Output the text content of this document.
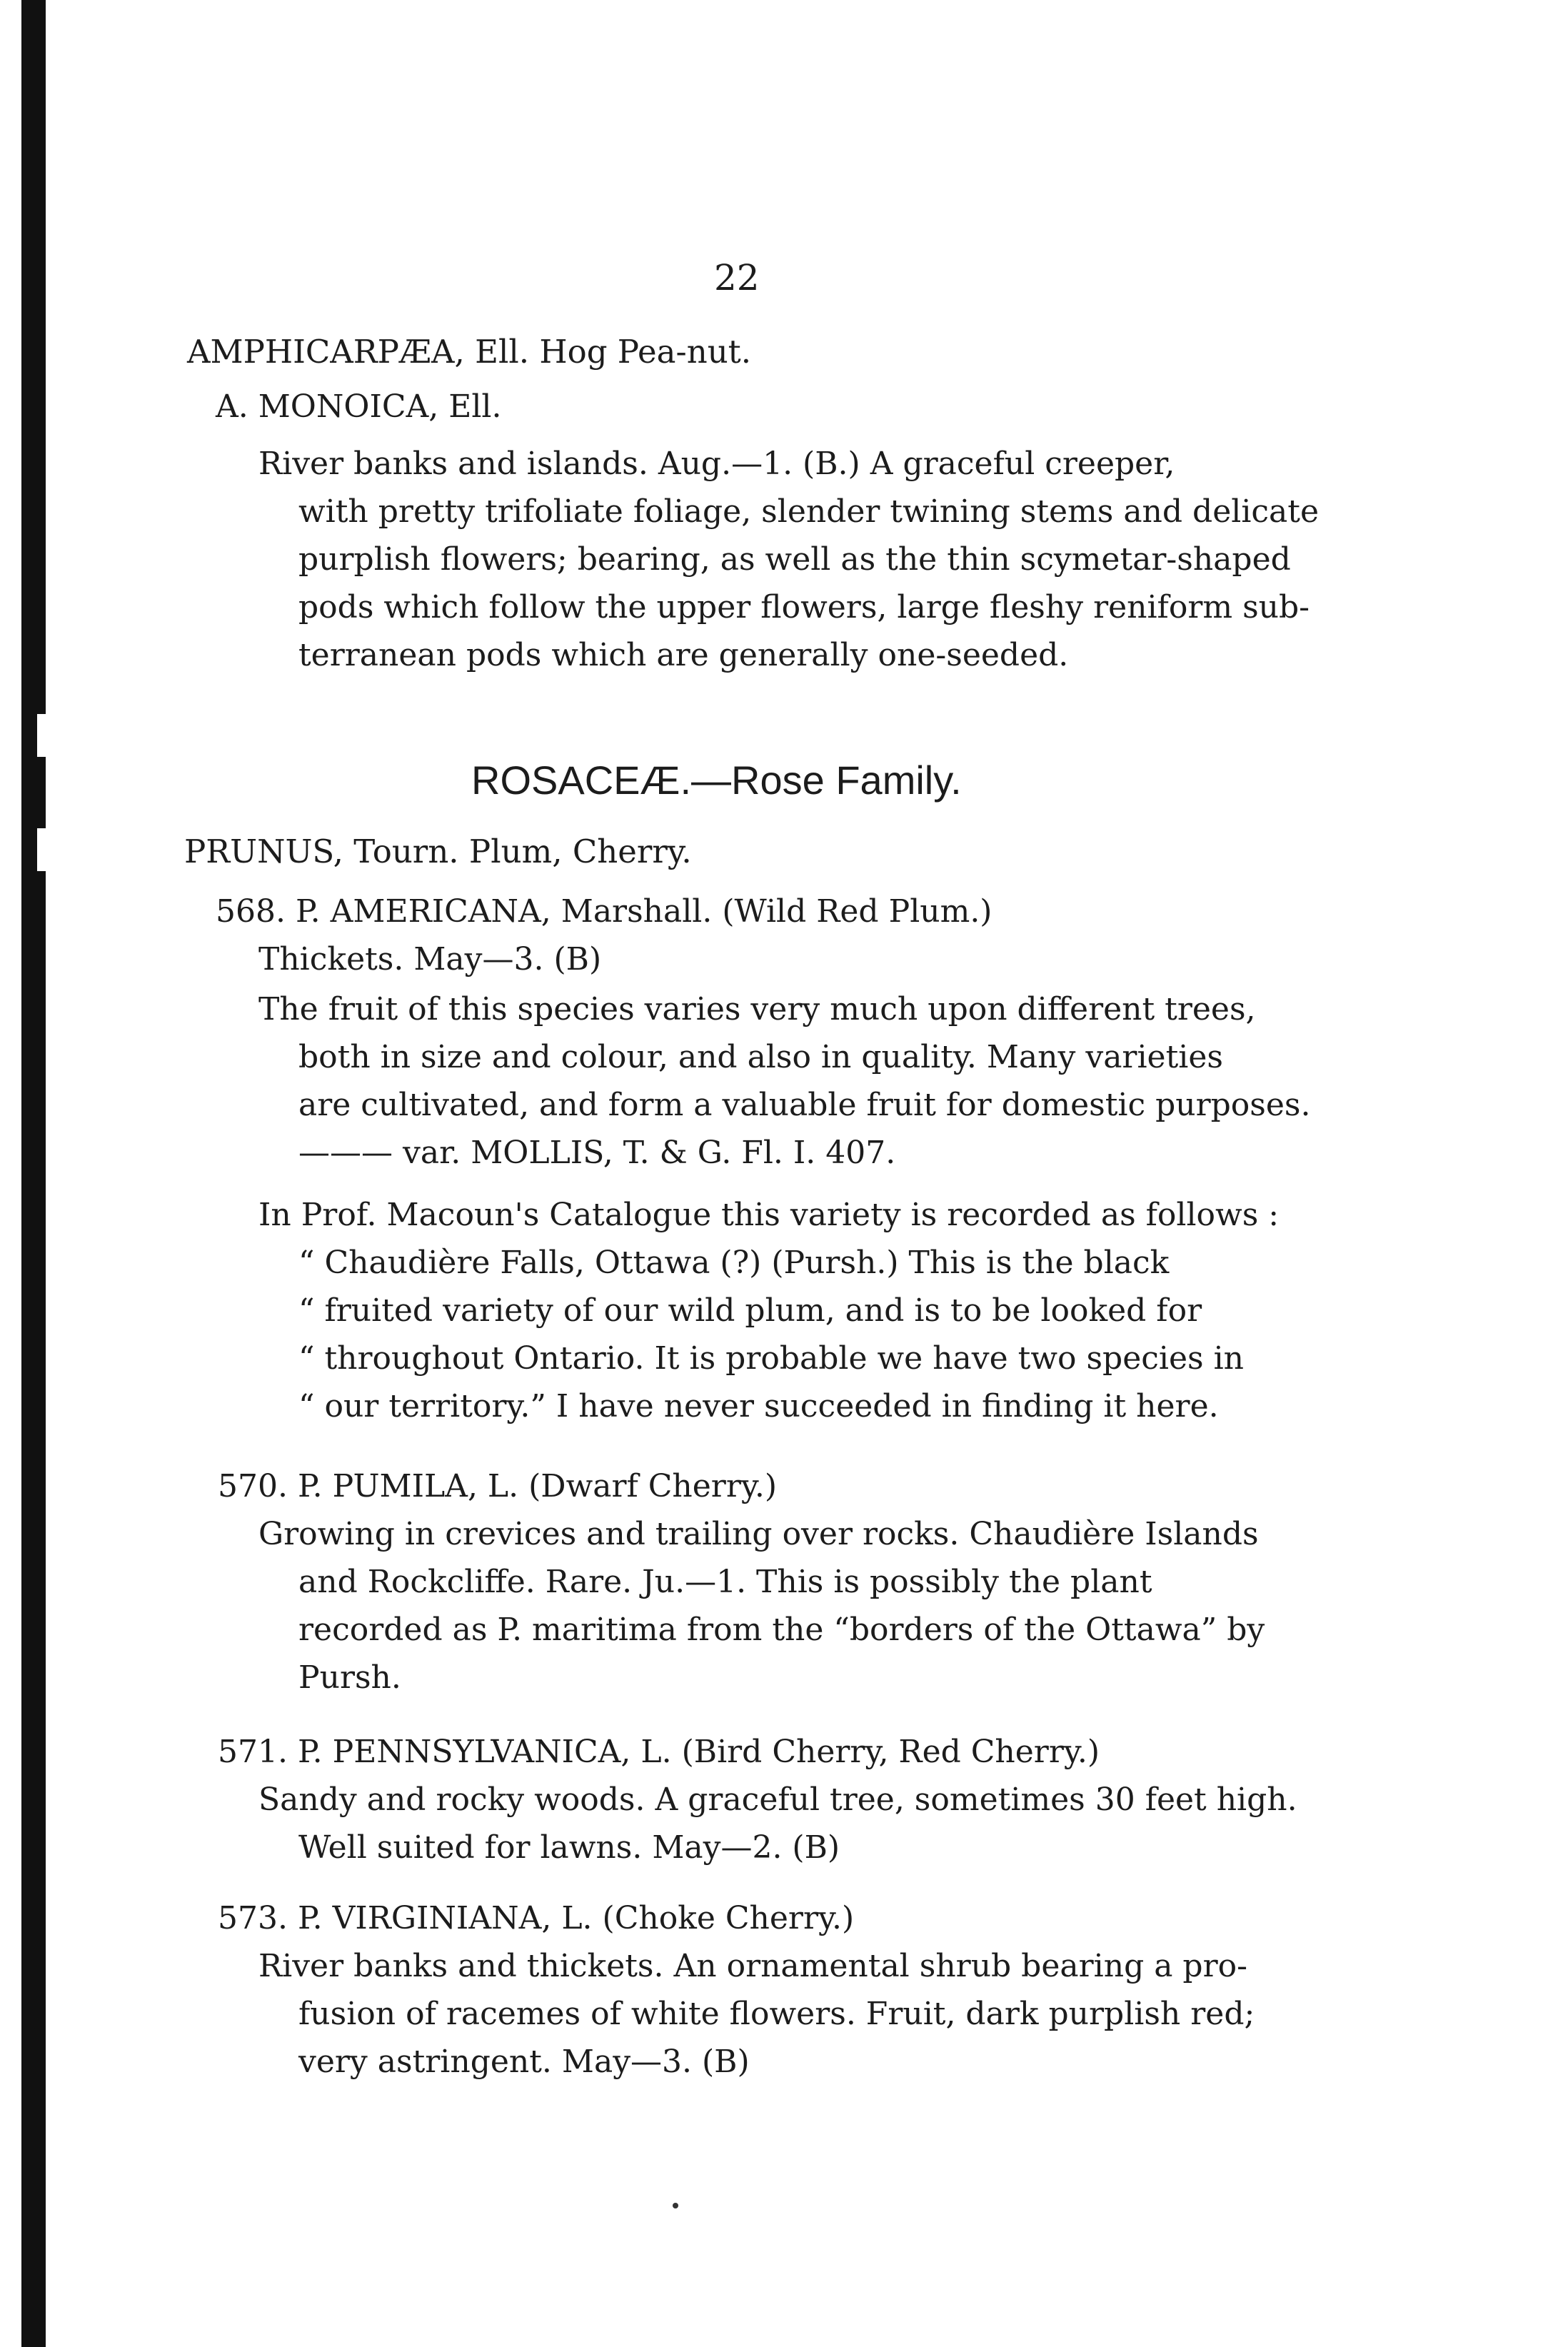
22
AMPHICARPÆA, Ell. Hog Pea-nut.
A. MONOICA, Ell.
River banks and islands. Aug.—1. (B.) A graceful creeper,
with pretty trifoliate foliage, slender twining stems and delicate
purplish flowers; bearing, as well as the thin scymetar-shaped
pods which follow the upper flowers, large fleshy reniform sub-
terranean pods which are generally one-seeded.
ROSACEÆ.—Rose Family.
PRUNUS, Tourn. Plum, Cherry.
568. P. AMERICANA, Marshall. (Wild Red Plum.)
Thickets. May—3. (B)
The fruit of this species varies very much upon different trees,
both in size and colour, and also in quality. Many varieties
are cultivated, and form a valuable fruit for domestic purposes.
——— var. MOLLIS, T. & G. Fl. I. 407.
In Prof. Macoun's Catalogue this variety is recorded as follows :
“ Chaudière Falls, Ottawa (?) (Pursh.) This is the black
“ fruited variety of our wild plum, and is to be looked for
“ throughout Ontario. It is probable we have two species in
“ our territory.” I have never succeeded in finding it here.
570. P. PUMILA, L. (Dwarf Cherry.)
Growing in crevices and trailing over rocks. Chaudière Islands
and Rockcliffe. Rare. Ju.—1. This is possibly the plant
recorded as P. maritima from the “borders of the Ottawa” by
Pursh.
571. P. PENNSYLVANICA, L. (Bird Cherry, Red Cherry.)
Sandy and rocky woods. A graceful tree, sometimes 30 feet high.
Well suited for lawns. May—2. (B)
573. P. VIRGINIANA, L. (Choke Cherry.)
River banks and thickets. An ornamental shrub bearing a pro-
fusion of racemes of white flowers. Fruit, dark purplish red;
very astringent. May—3. (B)
